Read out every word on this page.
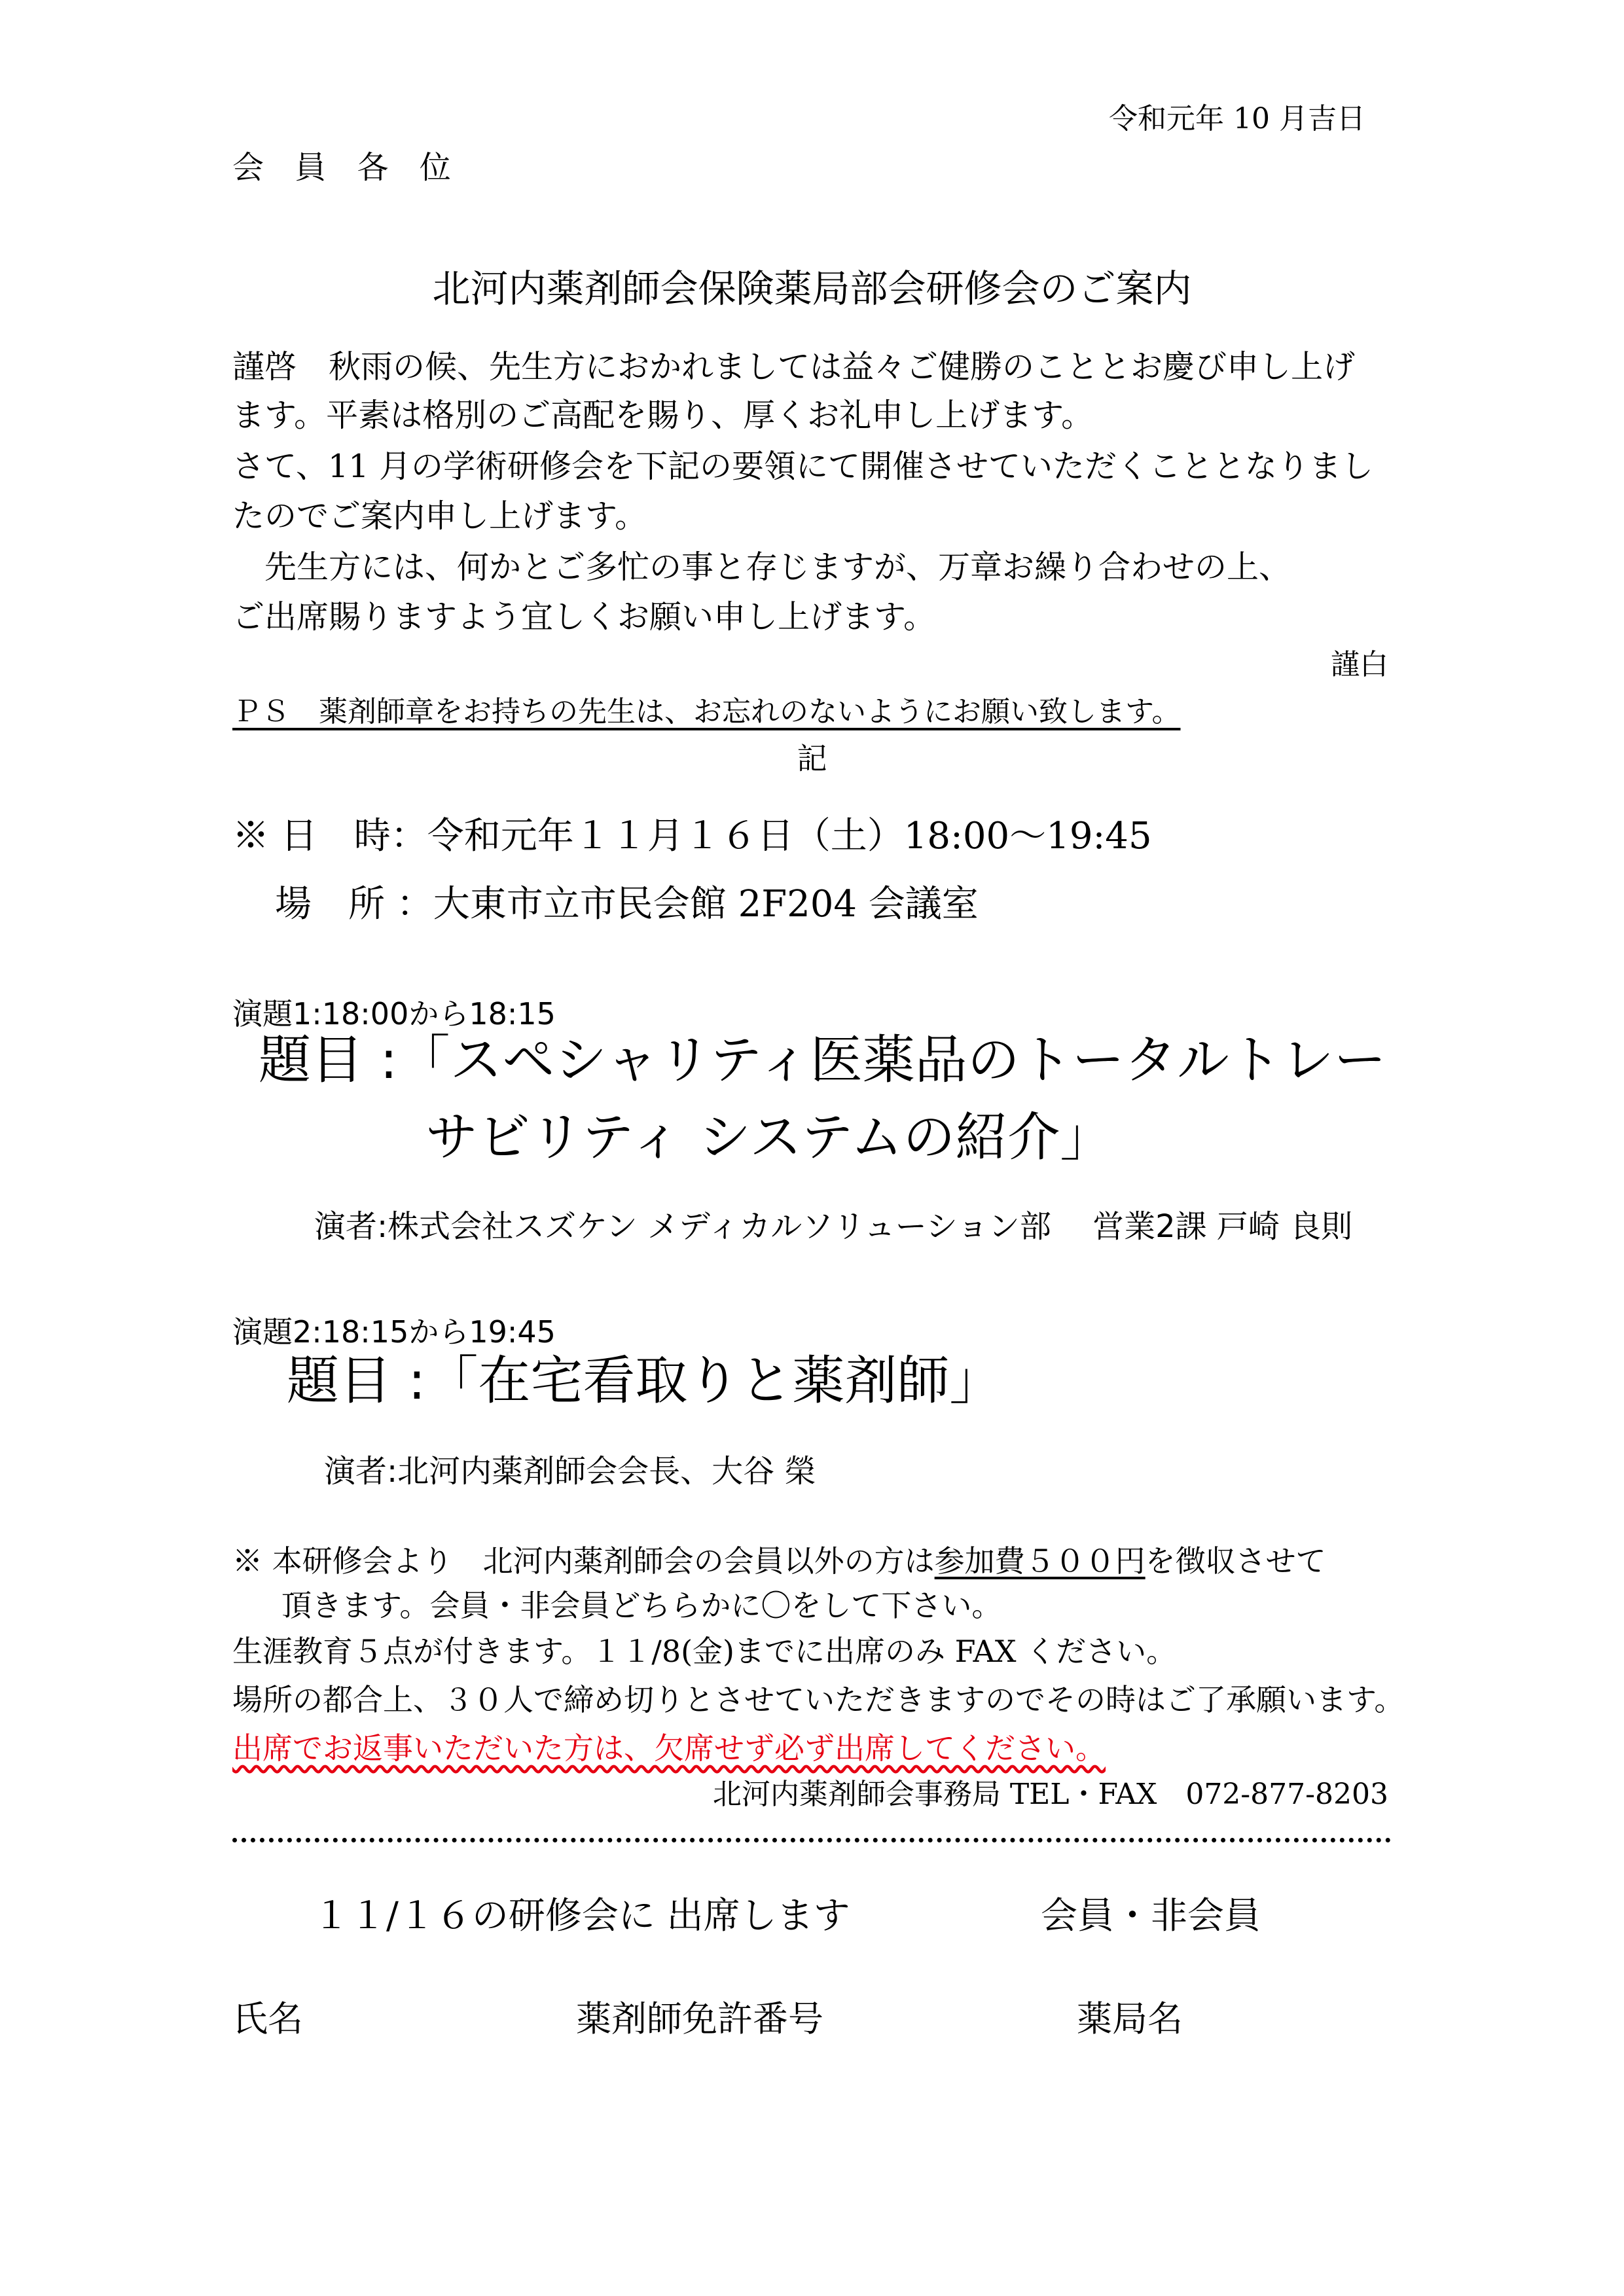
令和元年 10 月吉日
会 員 各 位
北河内薬剤師会保険薬局部会研修会のご案内
謹啓　秋雨の候、先生方におかれましては益々ご健勝のこととお慶び申し上げ
ます。平素は格別のご高配を賜り、厚くお礼申し上げます。
さて、11 月の学術研修会を下記の要領にて開催させていただくこととなりまし
たのでご案内申し上げます。
　先生方には、何かとご多忙の事と存じますが、万章お繰り合わせの上、
ご出席賜りますよう宜しくお願い申し上げます。
謹白
ＰＳ　薬剤師章をお持ちの先生は、お忘れのないようにお願い致します。
記
※ 日　時：令和元年１１月１６日（土）18:00～19:45
場　所 ：大東市立市民会館 2F204 会議室
演題1:18:00から18:15
題目 :「スペシャリティ医薬品のトータルトレー
サビリティ システムの紹介」
演者:株式会社スズケン メディカルソリューション部　 営業2課 戸崎 良則
演題2:18:15から19:45
題目 :「在宅看取りと薬剤師」
演者:北河内薬剤師会会長、大谷 榮
※ 本研修会より　北河内薬剤師会の会員以外の方は参加費５００円を徴収させて
頂きます。会員・非会員どちらかに〇をして下さい。
生涯教育５点が付きます。１１/8(金)までに出席のみ FAX ください。
場所の都合上、３０人で締め切りとさせていただきますのでその時はご了承願います。
出席でお返事いただいた方は、欠席せず必ず出席してください。
北河内薬剤師会事務局 TEL・FAX　072-877-8203
１１/１６の研修会に 出席します	会員・非会員
氏名	薬剤師免許番号	薬局名
